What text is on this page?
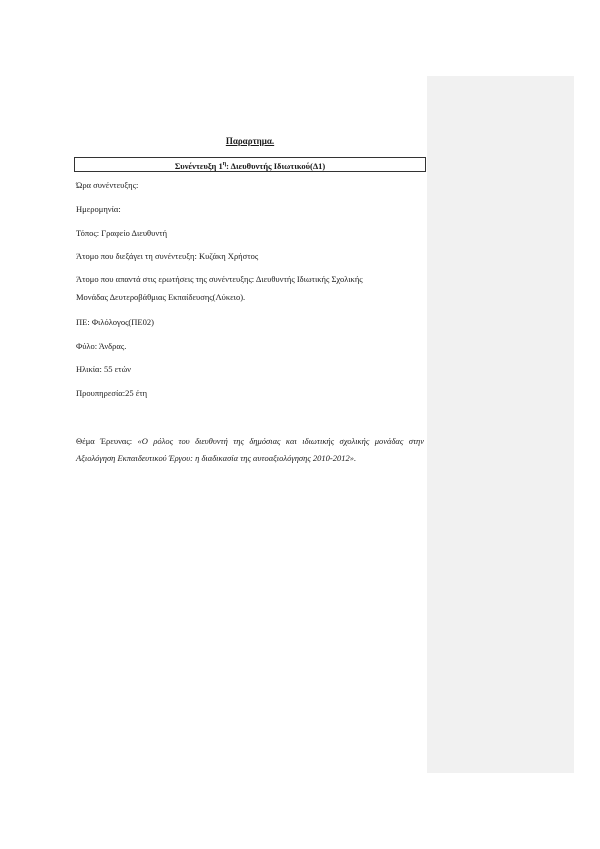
Παραρτημα.
Συνέντευξη $1^\eta$: Διευθυντής Ιδιωτικού(Δ1)
Ώρα συνέντευξης:
Ημερομηνία:
Τόπος: Γραφείο Διευθυντή
Άτομο που διεξάγει τη συνέντευξη: Κυζάκη Χρήστος
Άτομο που απαντά στις ερωτήσεις της συνέντευξης: Διευθυντής Ιδιωτικής Σχολικής
Μονάδας Δευτεροβάθμιας Εκπαίδευσης(Λύκειο).
ΠΕ: Φιλόλογος(ΠΕ02)
Φύλο: Άνδρας.
Ηλικία: 55 ετών
Προυπηρεσία:25 έτη
Θέμα Έρευνας: «Ο ρόλος του διευθυντή της δημόσιας και ιδιωτικής σχολικής μονάδας στην Αξιολόγηση Εκπαιδευτικού Έργου: η διαδικασία της αυτοαξιολόγησης 2010-2012».
